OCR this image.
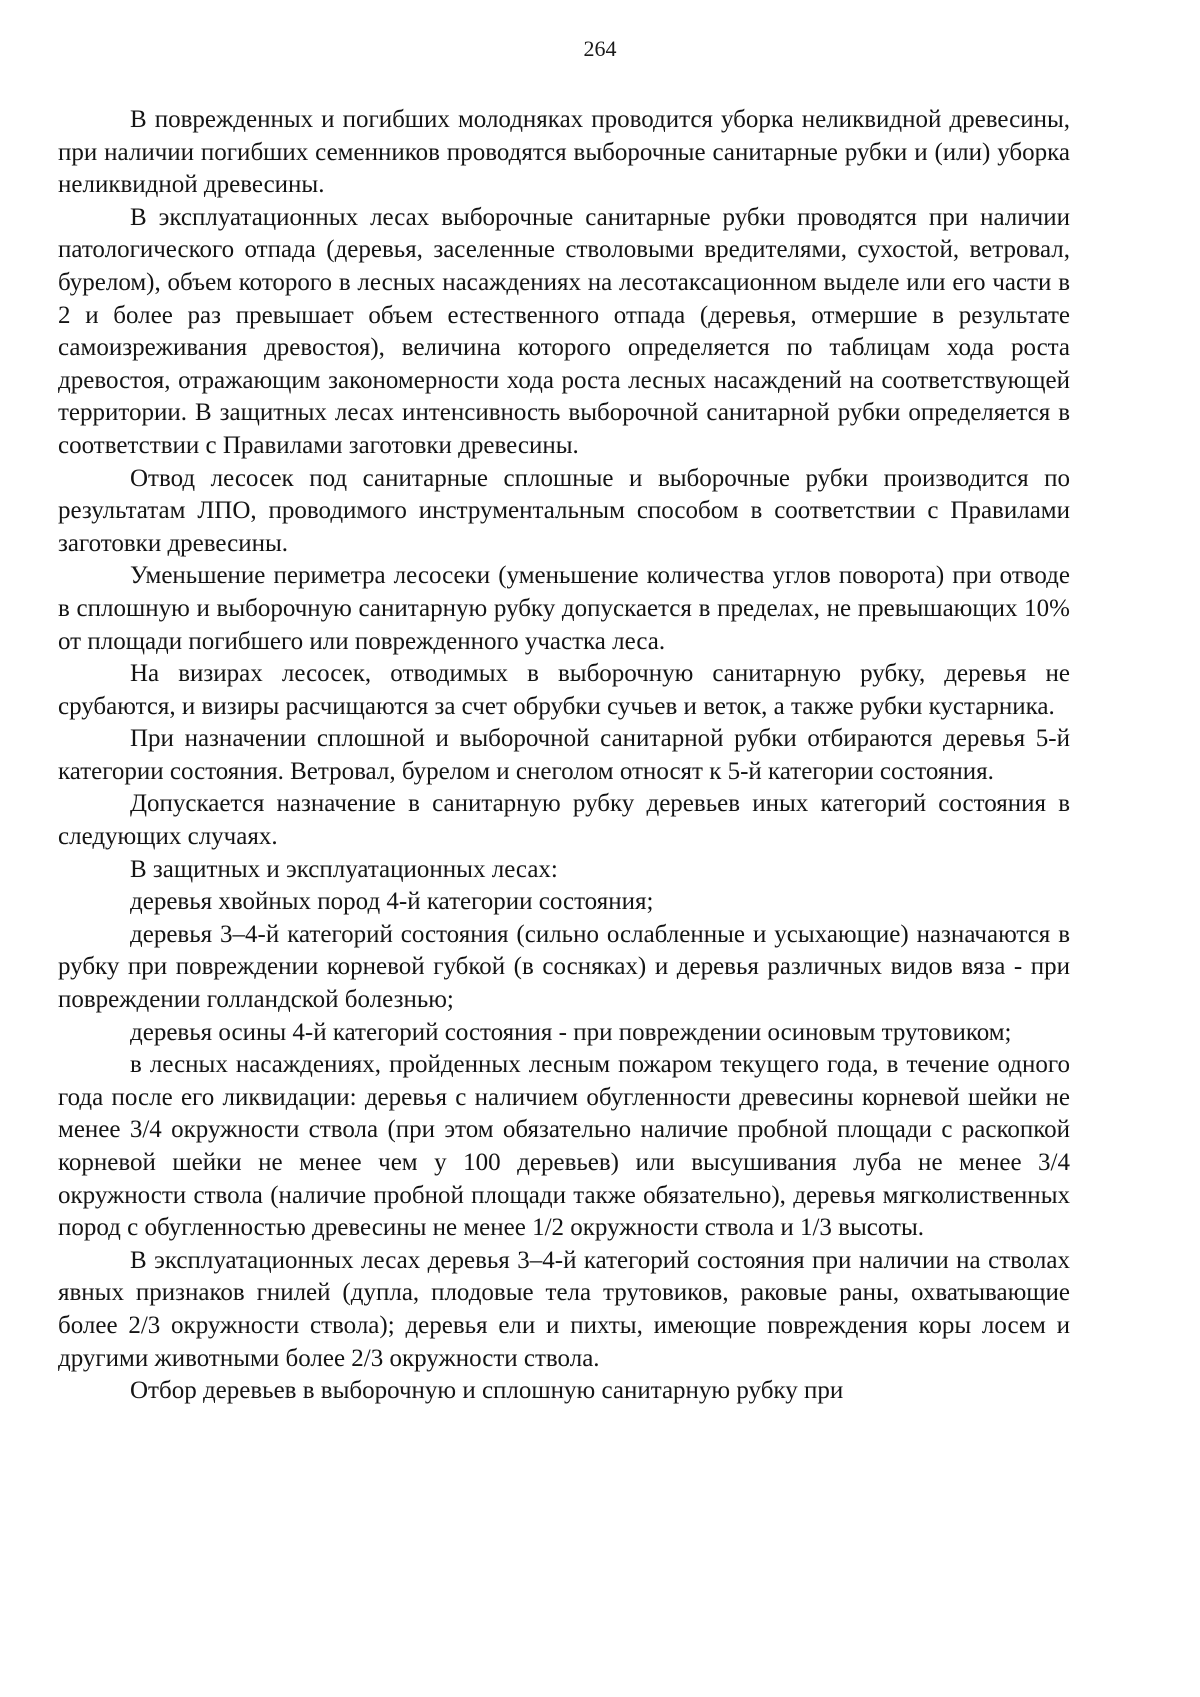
264

В поврежденных и погибших молодняках проводится уборка неликвидной древесины, при наличии погибших семенников проводятся выборочные санитарные рубки и (или) уборка неликвидной древесины.

В эксплуатационных лесах выборочные санитарные рубки проводятся при наличии патологического отпада (деревья, заселенные стволовыми вредителями, сухостой, ветровал, бурелом), объем которого в лесных насаждениях на лесотаксационном выделе или его части в 2 и более раз превышает объем естественного отпада (деревья, отмершие в результате самоизреживания древостоя), величина которого определяется по таблицам хода роста древостоя, отражающим закономерности хода роста лесных насаждений на соответствующей территории. В защитных лесах интенсивность выборочной санитарной рубки определяется в соответствии с Правилами заготовки древесины.

Отвод лесосек под санитарные сплошные и выборочные рубки производится по результатам ЛПО, проводимого инструментальным способом в соответствии с Правилами заготовки древесины.

Уменьшение периметра лесосеки (уменьшение количества углов поворота) при отводе в сплошную и выборочную санитарную рубку допускается в пределах, не превышающих 10% от площади погибшего или поврежденного участка леса.

На визирах лесосек, отводимых в выборочную санитарную рубку, деревья не срубаются, и визиры расчищаются за счет обрубки сучьев и веток, а также рубки кустарника.

При назначении сплошной и выборочной санитарной рубки отбираются деревья 5-й категории состояния. Ветровал, бурелом и снеголом относят к 5-й категории состояния.

Допускается назначение в санитарную рубку деревьев иных категорий состояния в следующих случаях.

В защитных и эксплуатационных лесах:

деревья хвойных пород 4-й категории состояния;

деревья 3–4-й категорий состояния (сильно ослабленные и усыхающие) назначаются в рубку при повреждении корневой губкой (в сосняках) и деревья различных видов вяза - при повреждении голландской болезнью;

деревья осины 4-й категорий состояния - при повреждении осиновым трутовиком;

в лесных насаждениях, пройденных лесным пожаром текущего года, в течение одного года после его ликвидации: деревья с наличием обугленности древесины корневой шейки не менее 3/4 окружности ствола (при этом обязательно наличие пробной площади с раскопкой корневой шейки не менее чем у 100 деревьев) или высушивания луба не менее 3/4 окружности ствола (наличие пробной площади также обязательно), деревья мягколиственных пород с обугленностью древесины не менее 1/2 окружности ствола и 1/3 высоты.

В эксплуатационных лесах деревья 3–4-й категорий состояния при наличии на стволах явных признаков гнилей (дупла, плодовые тела трутовиков, раковые раны, охватывающие более 2/3 окружности ствола); деревья ели и пихты, имеющие повреждения коры лосем и другими животными более 2/3 окружности ствола.

Отбор деревьев в выборочную и сплошную санитарную рубку при
